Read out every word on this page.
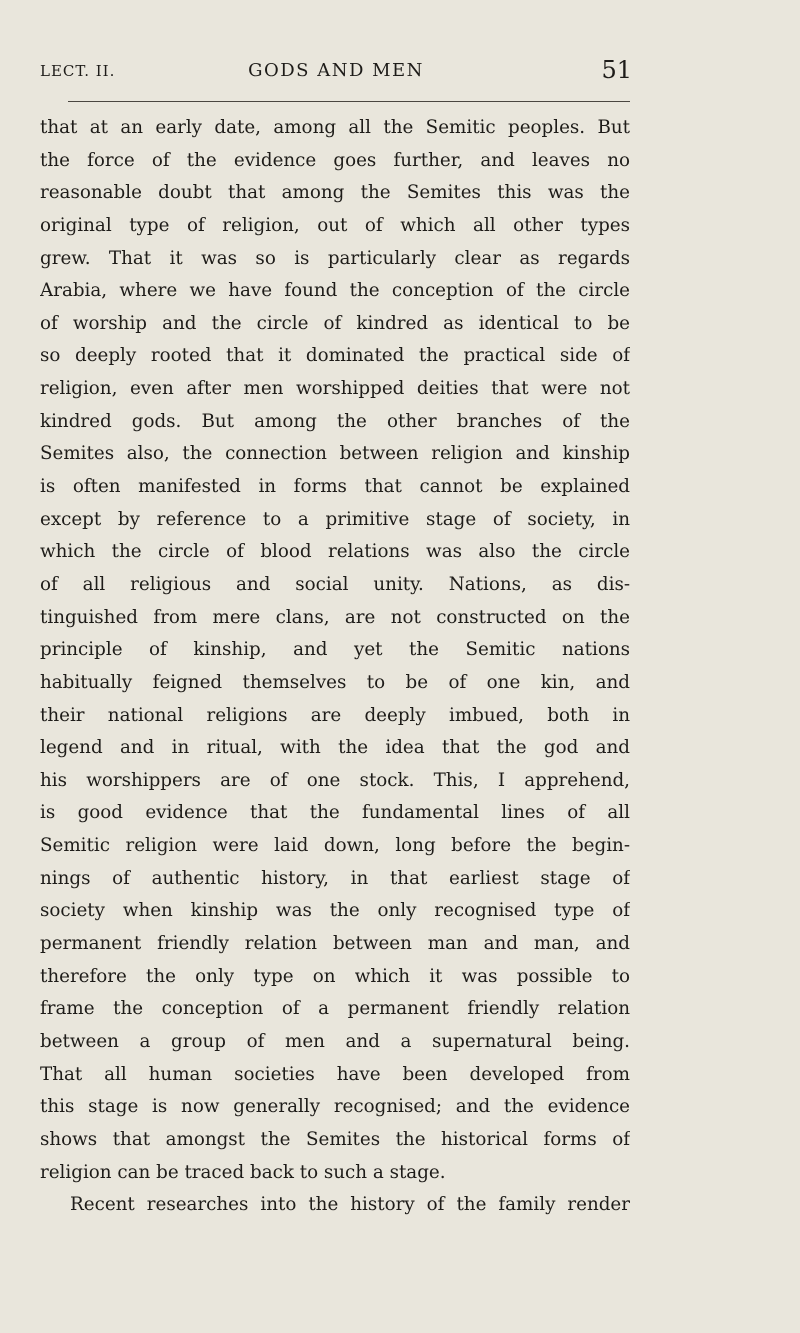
LECT. II.	GODS AND MEN	51
that at an early date, among all the Semitic peoples. But
the force of the evidence goes further, and leaves no
reasonable doubt that among the Semites this was the
original type of religion, out of which all other types
grew. That it was so is particularly clear as regards
Arabia, where we have found the conception of the circle
of worship and the circle of kindred as identical to be
so deeply rooted that it dominated the practical side of
religion, even after men worshipped deities that were not
kindred gods. But among the other branches of the
Semites also, the connection between religion and kinship
is often manifested in forms that cannot be explained
except by reference to a primitive stage of society, in
which the circle of blood relations was also the circle
of all religious and social unity. Nations, as dis-
tinguished from mere clans, are not constructed on the
principle of kinship, and yet the Semitic nations
habitually feigned themselves to be of one kin, and
their national religions are deeply imbued, both in
legend and in ritual, with the idea that the god and
his worshippers are of one stock. This, I apprehend,
is good evidence that the fundamental lines of all
Semitic religion were laid down, long before the begin-
nings of authentic history, in that earliest stage of
society when kinship was the only recognised type of
permanent friendly relation between man and man, and
therefore the only type on which it was possible to
frame the conception of a permanent friendly relation
between a group of men and a supernatural being.
That all human societies have been developed from
this stage is now generally recognised; and the evidence
shows that amongst the Semites the historical forms of
religion can be traced back to such a stage.
Recent researches into the history of the family render
